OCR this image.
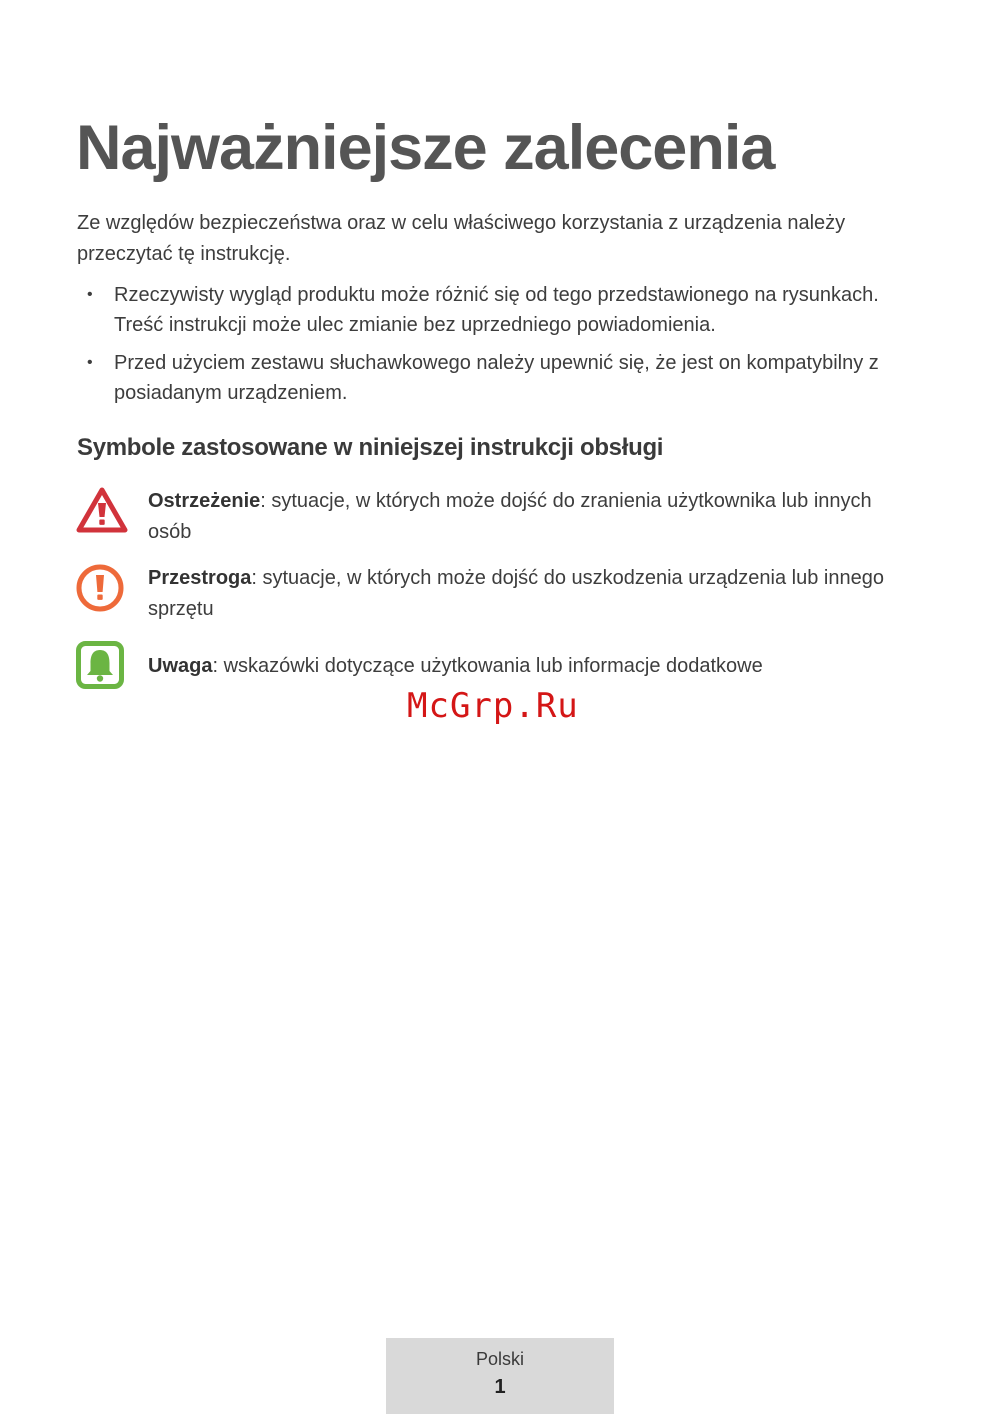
Najważniejsze zalecenia

Ze względów bezpieczeństwa oraz w celu właściwego korzystania z urządzenia należy przeczytać tę instrukcję.

• Rzeczywisty wygląd produktu może różnić się od tego przedstawionego na rysunkach. Treść instrukcji może ulec zmianie bez uprzedniego powiadomienia.
• Przed użyciem zestawu słuchawkowego należy upewnić się, że jest on kompatybilny z posiadanym urządzeniem.
Symbole zastosowane w niniejszej instrukcji obsługi
Ostrzeżenie: sytuacje, w których może dojść do zranienia użytkownika lub innych osób
Przestroga: sytuacje, w których może dojść do uszkodzenia urządzenia lub innego sprzętu
Uwaga: wskazówki dotyczące użytkowania lub informacje dodatkowe
McGrp.Ru
Polski
1
